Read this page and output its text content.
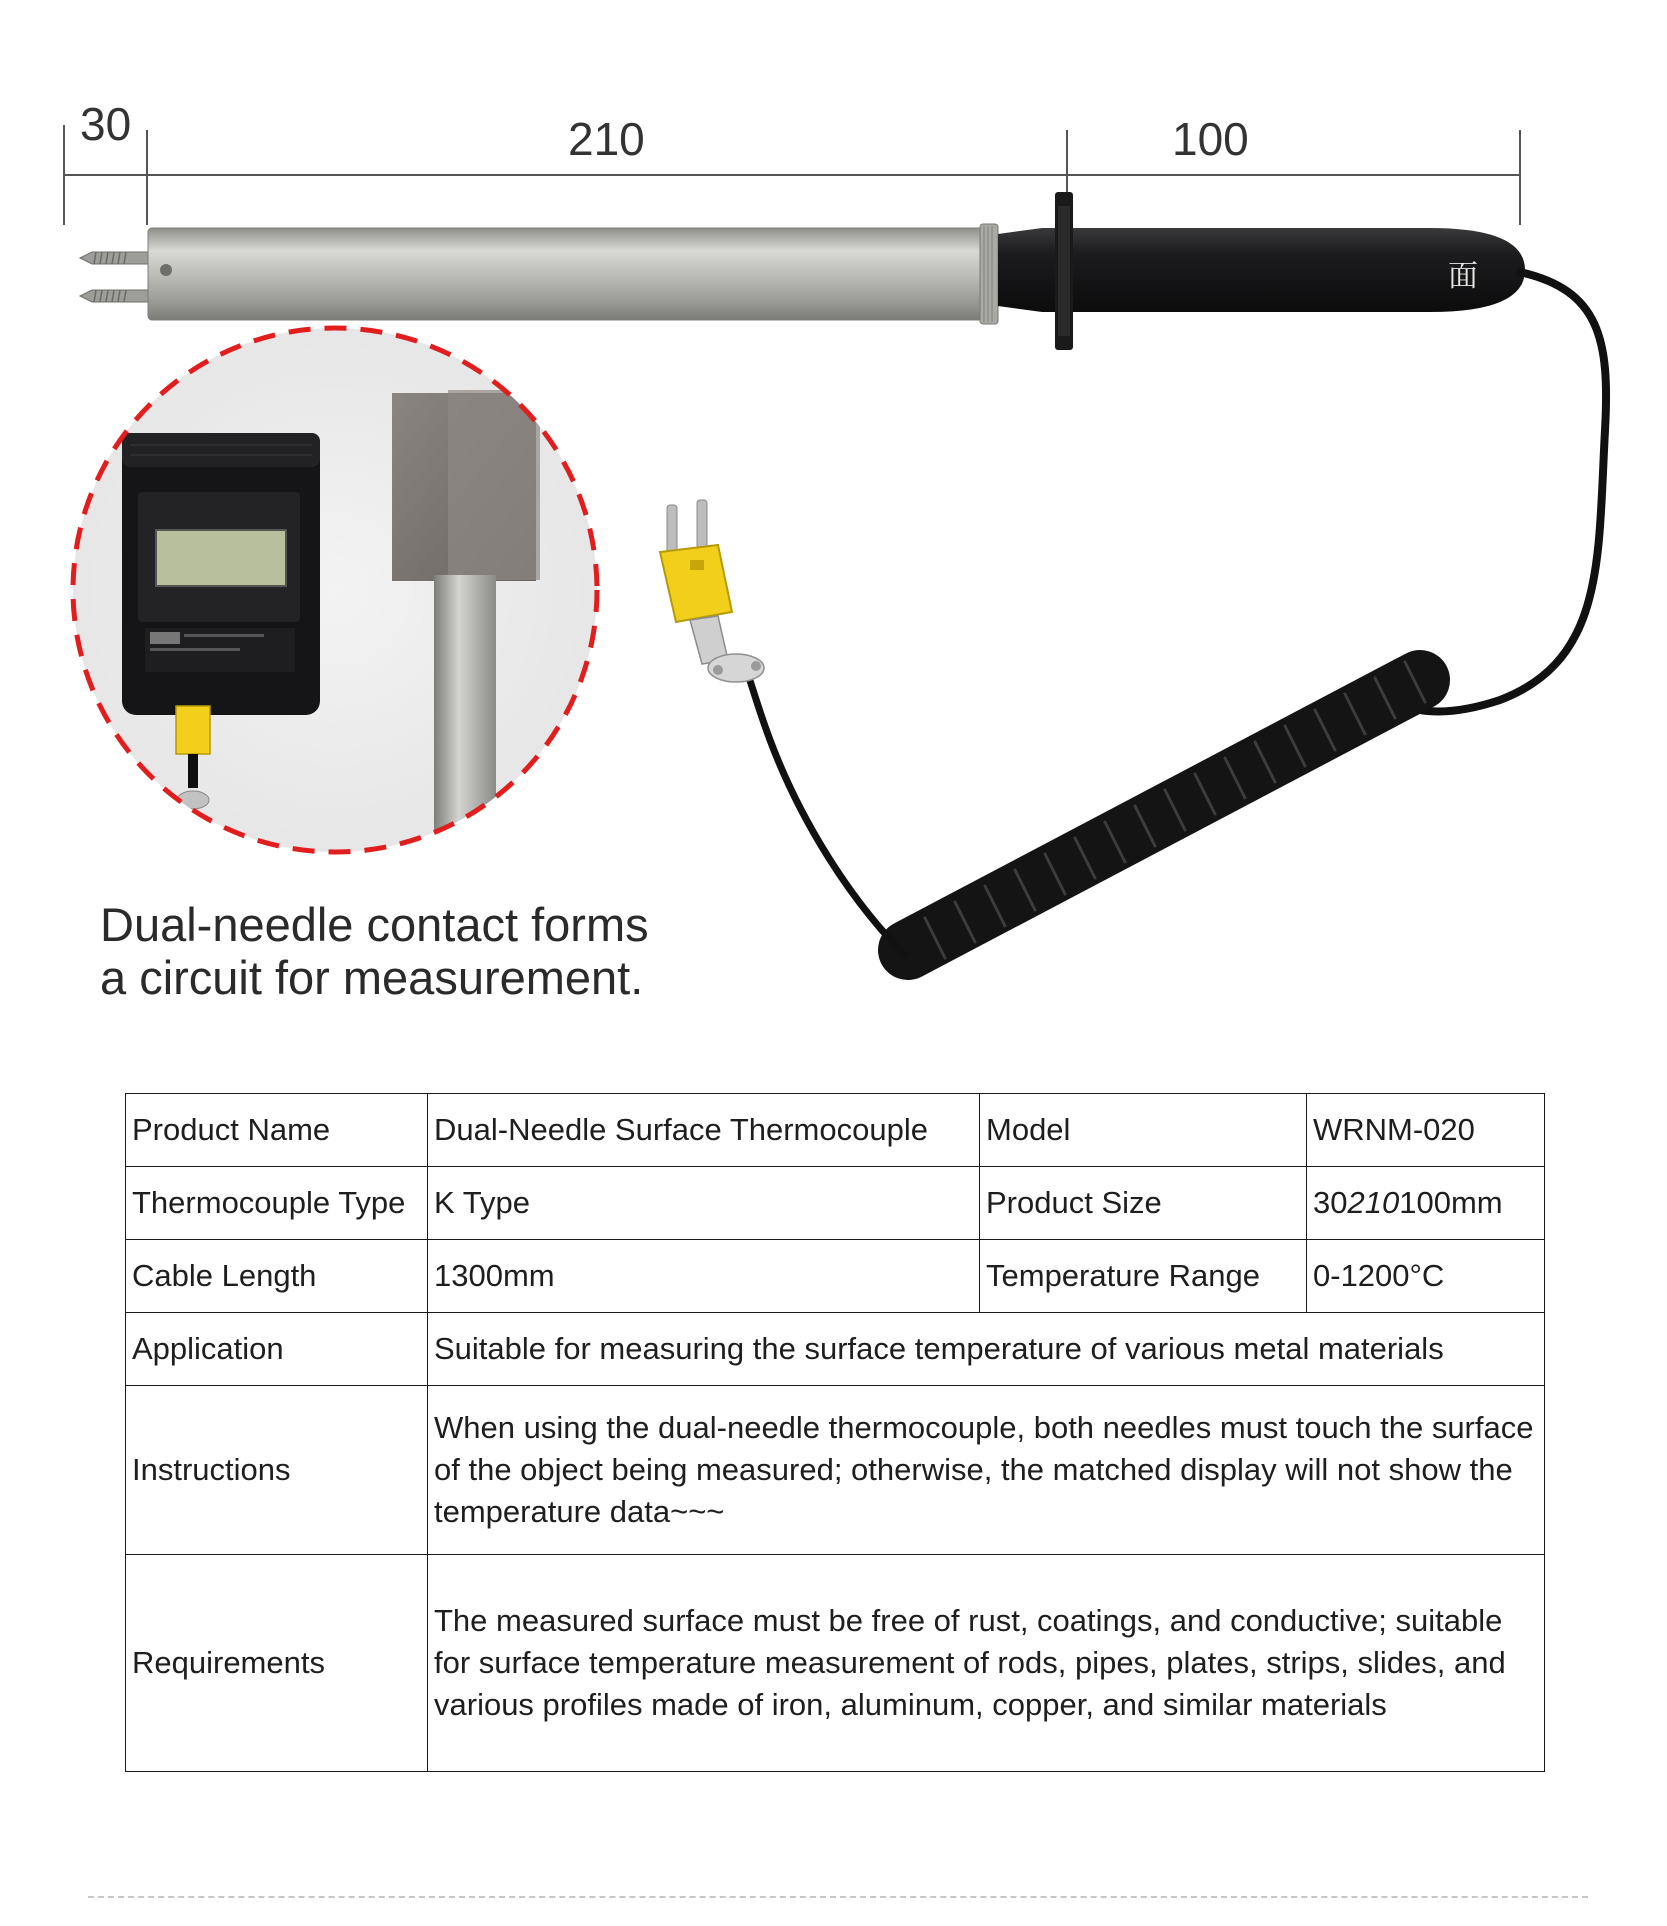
30	210	100
面
Dual-needle contact forms
a circuit for measurement.
Product Name	Dual-Needle Surface Thermocouple	Model	WRNM-020
Thermocouple Type	K Type	Product Size	30210100mm
Cable Length	1300mm	Temperature Range	0-1200°C
Application	Suitable for measuring the surface temperature of various metal materials		
Instructions	When using the dual-needle thermocouple, both needles must touch the surface of the object being measured; otherwise, the matched display will not show the temperature data~~~		
Requirements	The measured surface must be free of rust, coatings, and conductive; suitable for surface temperature measurement of rods, pipes, plates, strips, slides, and various profiles made of iron, aluminum, copper, and similar materials		
